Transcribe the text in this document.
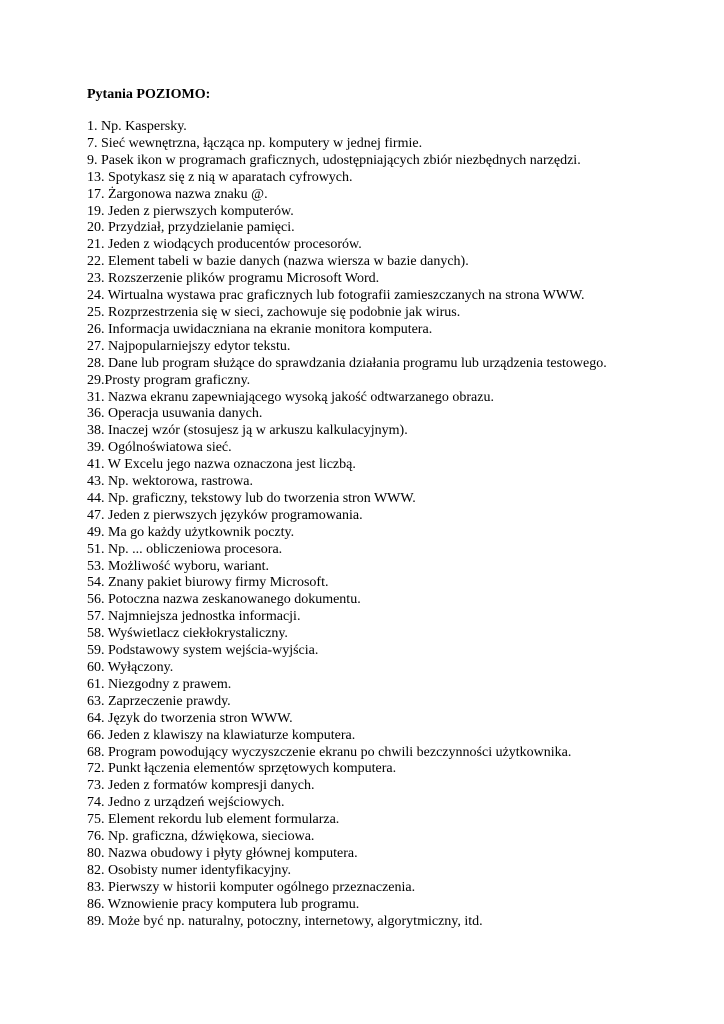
Pytania POZIOMO:
1. Np. Kaspersky.
7. Sieć wewnętrzna, łącząca np. komputery w jednej firmie.
9. Pasek ikon w programach graficznych, udostępniających zbiór niezbędnych narzędzi.
13. Spotykasz się z nią w aparatach cyfrowych.
17. Żargonowa nazwa znaku @.
19. Jeden z pierwszych komputerów.
20. Przydział, przydzielanie pamięci.
21. Jeden z wiodących producentów procesorów.
22. Element tabeli w bazie danych (nazwa wiersza w bazie danych).
23. Rozszerzenie plików programu Microsoft Word.
24. Wirtualna wystawa prac graficznych lub fotografii zamieszczanych na strona WWW.
25. Rozprzestrzenia się w sieci, zachowuje się podobnie jak wirus.
26. Informacja uwidaczniana na ekranie monitora komputera.
27. Najpopularniejszy edytor tekstu.
28. Dane lub program służące do sprawdzania działania programu lub urządzenia testowego.
29.Prosty program graficzny.
31. Nazwa ekranu zapewniającego wysoką jakość odtwarzanego obrazu.
36. Operacja usuwania danych.
38. Inaczej wzór (stosujesz ją w arkuszu kalkulacyjnym).
39. Ogólnoświatowa sieć.
41. W Excelu jego nazwa oznaczona jest liczbą.
43. Np. wektorowa, rastrowa.
44. Np. graficzny, tekstowy lub do tworzenia stron WWW.
47. Jeden z pierwszych języków programowania.
49. Ma go każdy użytkownik poczty.
51. Np. ... obliczeniowa procesora.
53. Możliwość wyboru, wariant.
54. Znany pakiet biurowy firmy Microsoft.
56. Potoczna nazwa zeskanowanego dokumentu.
57. Najmniejsza jednostka informacji.
58. Wyświetlacz ciekłokrystaliczny.
59. Podstawowy system wejścia-wyjścia.
60. Wyłączony.
61. Niezgodny z prawem.
63. Zaprzeczenie prawdy.
64. Język do tworzenia stron WWW.
66. Jeden z klawiszy na klawiaturze komputera.
68. Program powodujący wyczyszczenie ekranu po chwili bezczynności użytkownika.
72. Punkt łączenia elementów sprzętowych komputera.
73. Jeden z formatów kompresji danych.
74. Jedno z urządzeń wejściowych.
75. Element rekordu lub element formularza.
76. Np. graficzna, dźwiękowa, sieciowa.
80. Nazwa obudowy i płyty głównej komputera.
82. Osobisty numer identyfikacyjny.
83. Pierwszy w historii komputer ogólnego przeznaczenia.
86. Wznowienie pracy komputera lub programu.
89. Może być np. naturalny, potoczny, internetowy, algorytmiczny, itd.
